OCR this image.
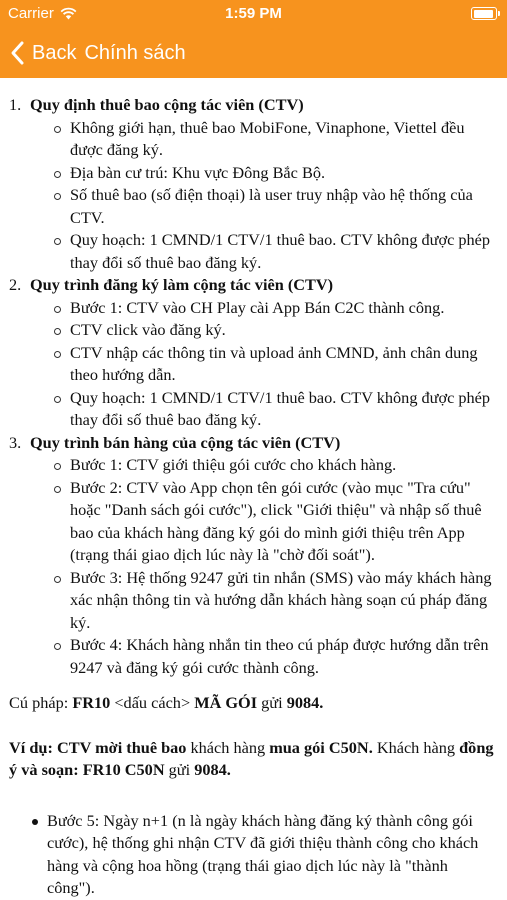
Carrier	1:59 PM
Back Chính sách
1. Quy định thuê bao cộng tác viên (CTV)
Không giới hạn, thuê bao MobiFone, Vinaphone, Viettel đều được đăng ký.
Địa bàn cư trú: Khu vực Đông Bắc Bộ.
Số thuê bao (số điện thoại) là user truy nhập vào hệ thống của CTV.
Quy hoạch: 1 CMND/1 CTV/1 thuê bao. CTV không được phép thay đổi số thuê bao đăng ký.
2. Quy trình đăng ký làm cộng tác viên (CTV)
Bước 1: CTV vào CH Play cài App Bán C2C thành công.
CTV click vào đăng ký.
CTV nhập các thông tin và upload ảnh CMND, ảnh chân dung theo hướng dẫn.
Quy hoạch: 1 CMND/1 CTV/1 thuê bao. CTV không được phép thay đổi số thuê bao đăng ký.
3. Quy trình bán hàng của cộng tác viên (CTV)
Bước 1: CTV giới thiệu gói cước cho khách hàng.
Bước 2: CTV vào App chọn tên gói cước (vào mục "Tra cứu" hoặc "Danh sách gói cước"), click "Giới thiệu" và nhập số thuê bao của khách hàng đăng ký gói do mình giới thiệu trên App (trạng thái giao dịch lúc này là "chờ đối soát").
Bước 3: Hệ thống 9247 gửi tin nhắn (SMS) vào máy khách hàng xác nhận thông tin và hướng dẫn khách hàng soạn cú pháp đăng ký.
Bước 4: Khách hàng nhắn tin theo cú pháp được hướng dẫn trên 9247 và đăng ký gói cước thành công.

Cú pháp: FR10 <dấu cách> MÃ GÓI gửi 9084.

Ví dụ: CTV mời thuê bao khách hàng mua gói C50N. Khách hàng đồng ý và soạn: FR10 C50N gửi 9084.

Bước 5: Ngày n+1 (n là ngày khách hàng đăng ký thành công gói cước), hệ thống ghi nhận CTV đã giới thiệu thành công cho khách hàng và cộng hoa hồng (trạng thái giao dịch lúc này là "thành công").
